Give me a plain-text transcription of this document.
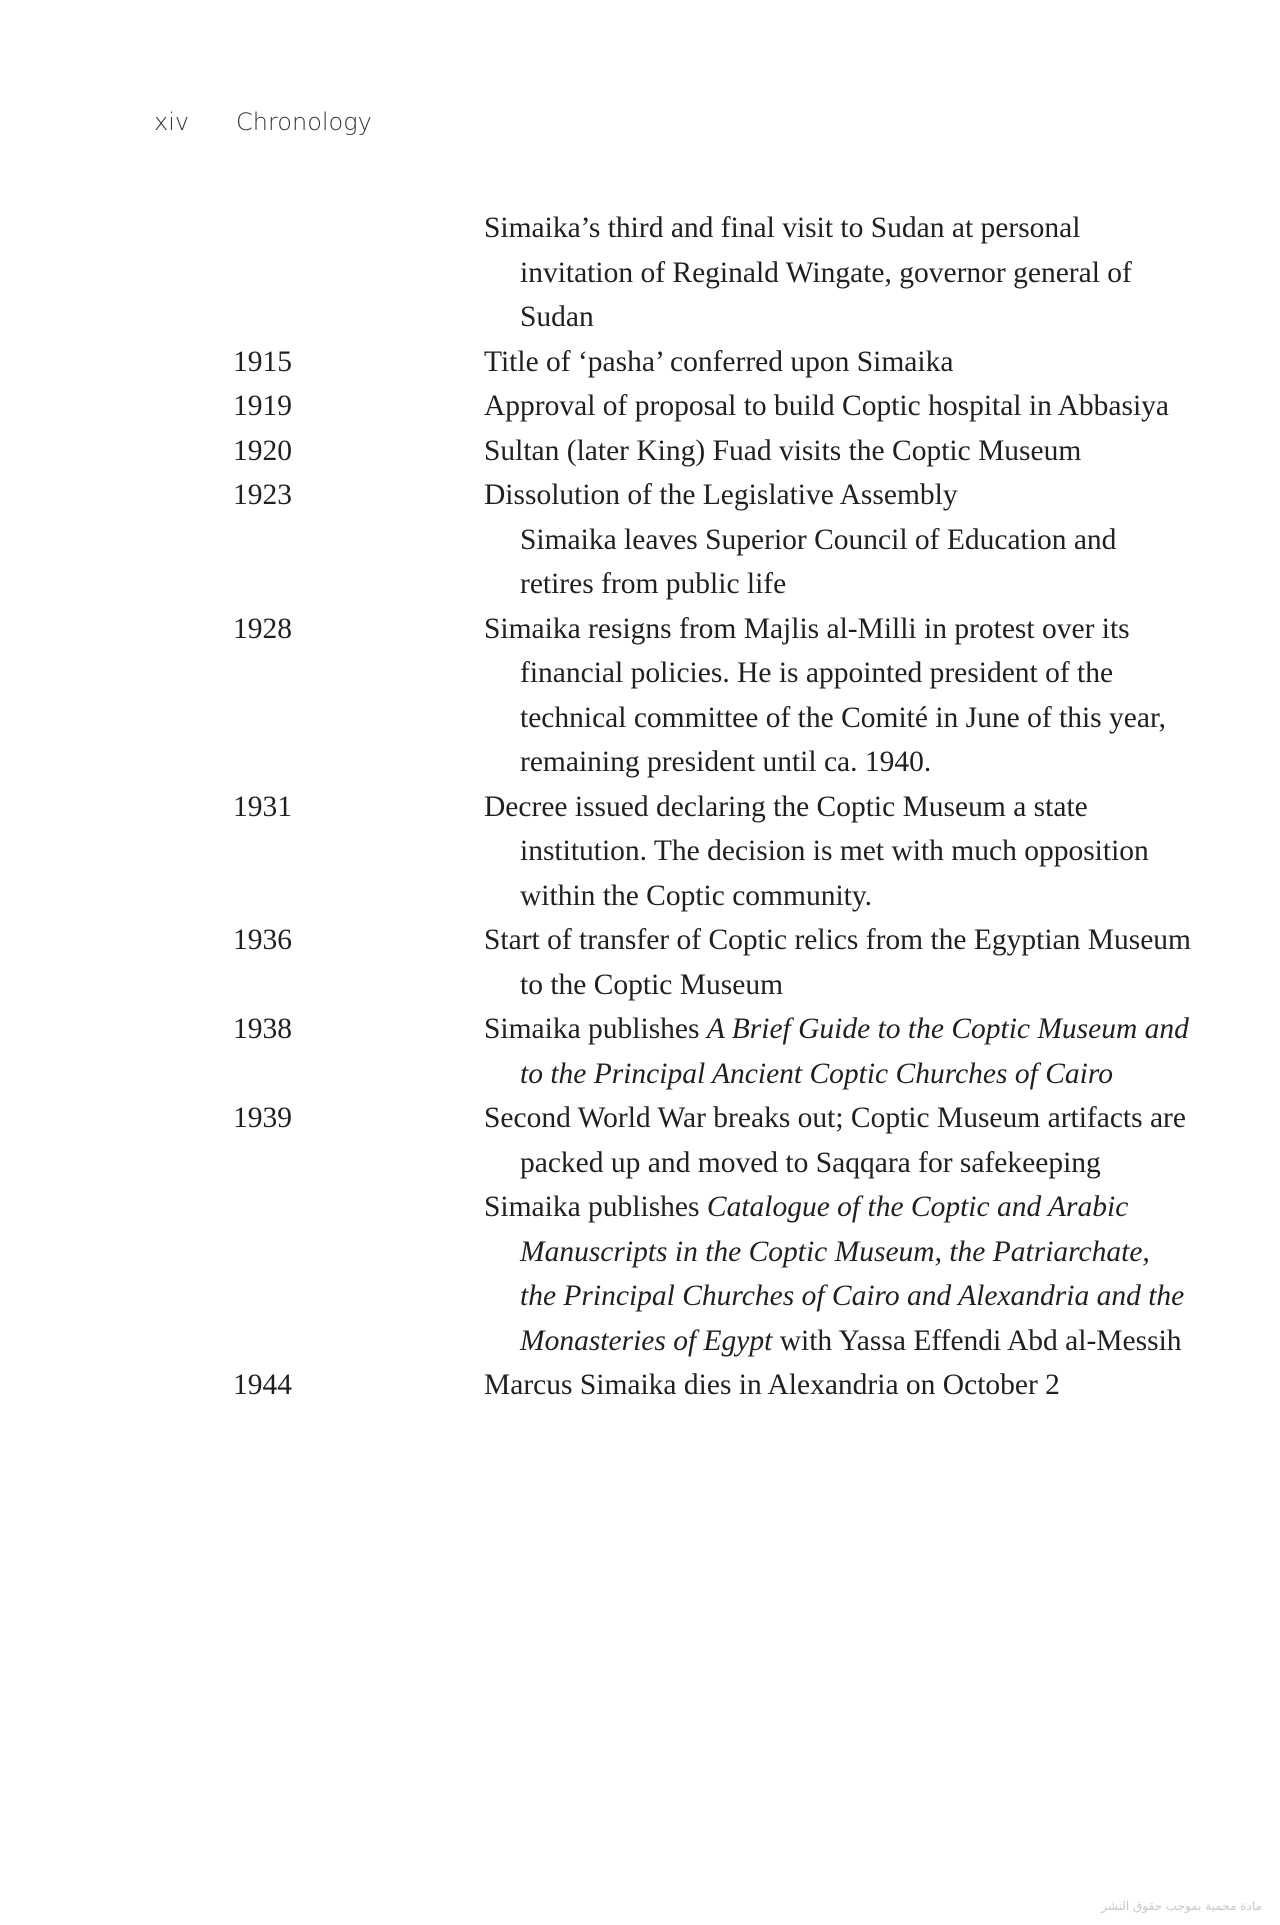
xiv	Chronology
Simaika’s third and final visit to Sudan at personal invitation of Reginald Wingate, governor general of Sudan
1915	Title of ‘pasha’ conferred upon Simaika
1919	Approval of proposal to build Coptic hospital in Abbasiya
1920	Sultan (later King) Fuad visits the Coptic Museum
1923	Dissolution of the Legislative Assembly
Simaika leaves Superior Council of Education and retires from public life
1928	Simaika resigns from Majlis al-Milli in protest over its financial policies. He is appointed president of the technical committee of the Comité in June of this year, remaining president until ca. 1940.
1931	Decree issued declaring the Coptic Museum a state institution. The decision is met with much opposition within the Coptic community.
1936	Start of transfer of Coptic relics from the Egyptian Museum to the Coptic Museum
1938	Simaika publishes A Brief Guide to the Coptic Museum and to the Principal Ancient Coptic Churches of Cairo
1939	Second World War breaks out; Coptic Museum artifacts are packed up and moved to Saqqara for safekeeping
Simaika publishes Catalogue of the Coptic and Arabic Manuscripts in the Coptic Museum, the Patriarchate, the Principal Churches of Cairo and Alexandria and the Monasteries of Egypt with Yassa Effendi Abd al-Messih
1944	Marcus Simaika dies in Alexandria on October 2
مادة محمية بموجب حقوق النشر
